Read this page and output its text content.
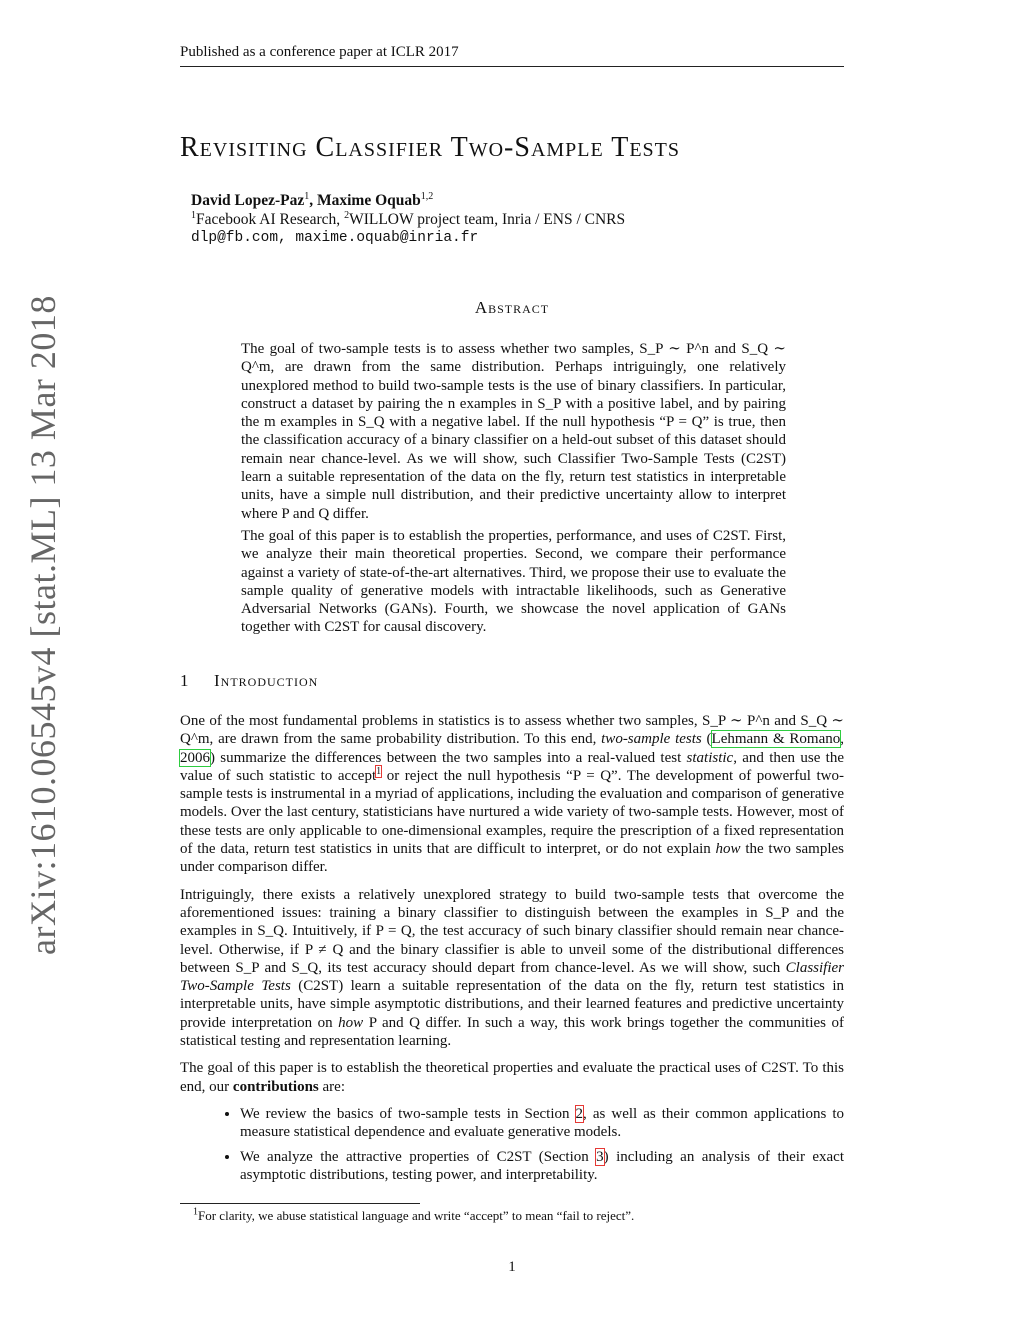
Published as a conference paper at ICLR 2017
arXiv:1610.06545v4 [stat.ML] 13 Mar 2018
Revisiting Classifier Two-Sample Tests
David Lopez-Paz$^1$, Maxime Oquab$^{1,2}$
$^1$Facebook AI Research, $^2$WILLOW project team, Inria / ENS / CNRS
dlp@fb.com, maxime.oquab@inria.fr
Abstract

The goal of two-sample tests is to assess whether two samples, S_P ∼ P^n and S_Q ∼ Q^m, are drawn from the same distribution. Perhaps intriguingly, one relatively unexplored method to build two-sample tests is the use of binary classifiers. In particular, construct a dataset by pairing the n examples in S_P with a positive label, and by pairing the m examples in S_Q with a negative label. If the null hypothesis “P = Q” is true, then the classification accuracy of a binary classifier on a held-out subset of this dataset should remain near chance-level. As we will show, such Classifier Two-Sample Tests (C2ST) learn a suitable representation of the data on the fly, return test statistics in interpretable units, have a simple null distribution, and their predictive uncertainty allow to interpret where P and Q differ.

The goal of this paper is to establish the properties, performance, and uses of C2ST. First, we analyze their main theoretical properties. Second, we compare their performance against a variety of state-of-the-art alternatives. Third, we propose their use to evaluate the sample quality of generative models with intractable likelihoods, such as Generative Adversarial Networks (GANs). Fourth, we showcase the novel application of GANs together with C2ST for causal discovery.

1 Introduction

One of the most fundamental problems in statistics is to assess whether two samples, S_P ∼ P^n and S_Q ∼ Q^m, are drawn from the same probability distribution. To this end, two-sample tests (Lehmann & Romano, 2006) summarize the differences between the two samples into a real-valued test statistic, and then use the value of such statistic to accept$^1$ or reject the null hypothesis “P = Q”. The development of powerful two-sample tests is instrumental in a myriad of applications, including the evaluation and comparison of generative models. Over the last century, statisticians have nurtured a wide variety of two-sample tests. However, most of these tests are only applicable to one-dimensional examples, require the prescription of a fixed representation of the data, return test statistics in units that are difficult to interpret, or do not explain how the two samples under comparison differ.

Intriguingly, there exists a relatively unexplored strategy to build two-sample tests that overcome the aforementioned issues: training a binary classifier to distinguish between the examples in S_P and the examples in S_Q. Intuitively, if P = Q, the test accuracy of such binary classifier should remain near chance-level. Otherwise, if P ≠ Q and the binary classifier is able to unveil some of the distributional differences between S_P and S_Q, its test accuracy should depart from chance-level. As we will show, such Classifier Two-Sample Tests (C2ST) learn a suitable representation of the data on the fly, return test statistics in interpretable units, have simple asymptotic distributions, and their learned features and predictive uncertainty provide interpretation on how P and Q differ. In such a way, this work brings together the communities of statistical testing and representation learning.

The goal of this paper is to establish the theoretical properties and evaluate the practical uses of C2ST. To this end, our contributions are:

• We review the basics of two-sample tests in Section 2, as well as their common applications to measure statistical dependence and evaluate generative models.
• We analyze the attractive properties of C2ST (Section 3) including an analysis of their exact asymptotic distributions, testing power, and interpretability.
$^1$For clarity, we abuse statistical language and write “accept” to mean “fail to reject”.
1
